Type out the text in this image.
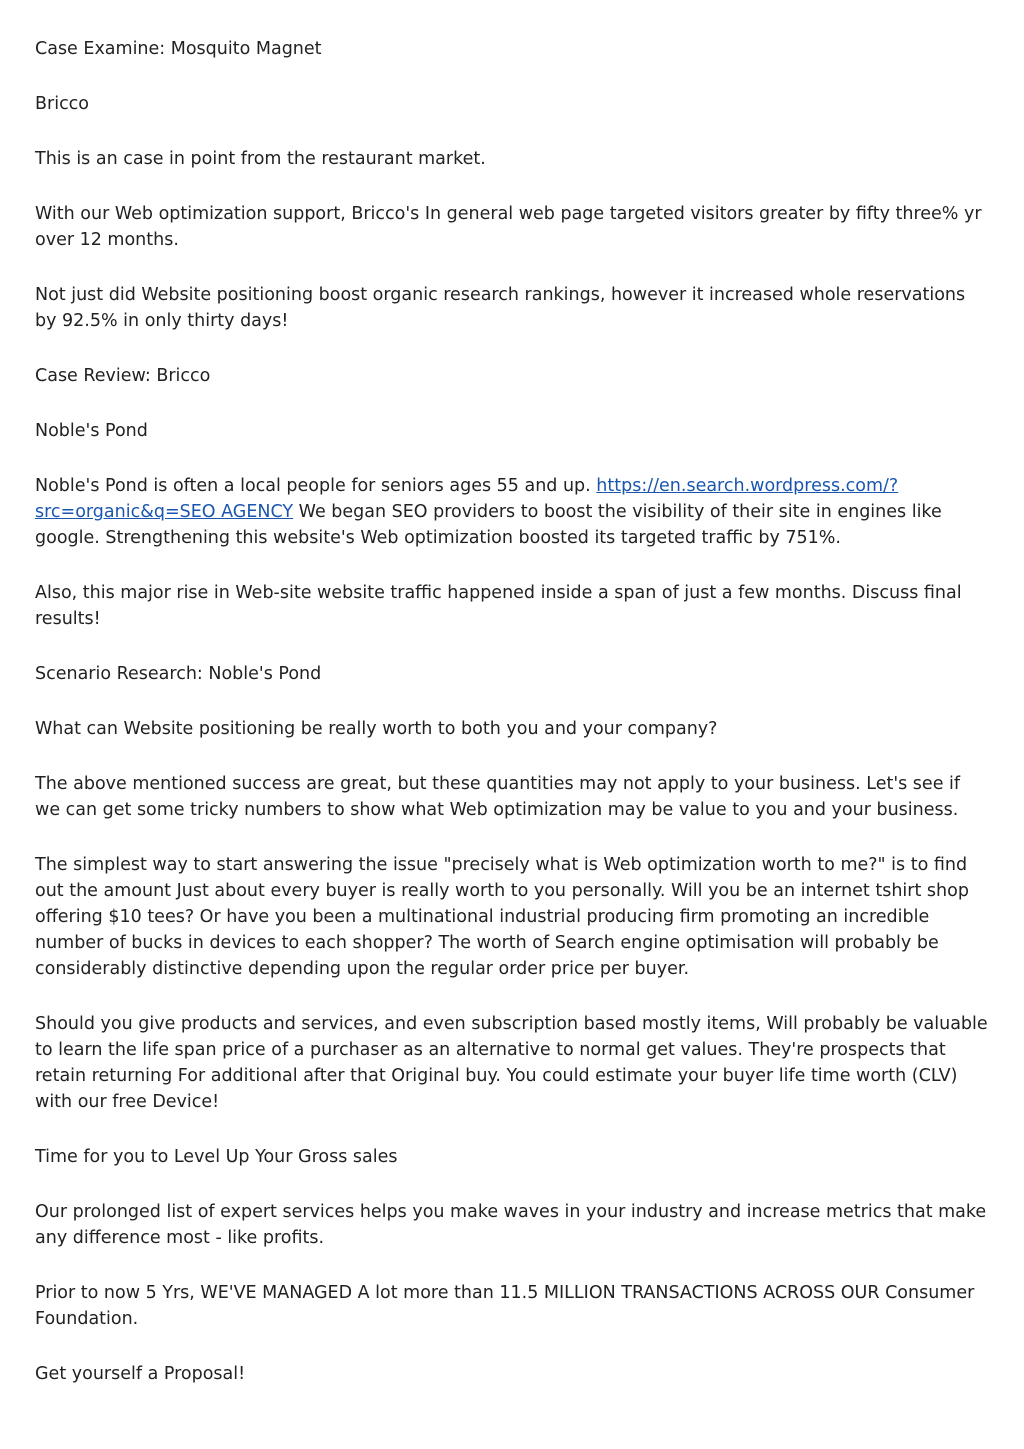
Case Examine: Mosquito Magnet

Bricco

This is an case in point from the restaurant market.

With our Web optimization support, Bricco's In general web page targeted visitors greater by fifty three% yr over 12 months.

Not just did Website positioning boost organic research rankings, however it increased whole reservations by 92.5% in only thirty days!

Case Review: Bricco

Noble's Pond

Noble's Pond is often a local people for seniors ages 55 and up. https://en.search.wordpress.com/?src=organic&q=SEO AGENCY We began SEO providers to boost the visibility of their site in engines like google. Strengthening this website's Web optimization boosted its targeted traffic by 751%.

Also, this major rise in Web-site website traffic happened inside a span of just a few months. Discuss final results!

Scenario Research: Noble's Pond

What can Website positioning be really worth to both you and your company?

The above mentioned success are great, but these quantities may not apply to your business. Let's see if we can get some tricky numbers to show what Web optimization may be value to you and your business.

The simplest way to start answering the issue "precisely what is Web optimization worth to me?" is to find out the amount Just about every buyer is really worth to you personally. Will you be an internet tshirt shop offering $10 tees? Or have you been a multinational industrial producing firm promoting an incredible number of bucks in devices to each shopper? The worth of Search engine optimisation will probably be considerably distinctive depending upon the regular order price per buyer.

Should you give products and services, and even subscription based mostly items, Will probably be valuable to learn the life span price of a purchaser as an alternative to normal get values. They're prospects that retain returning For additional after that Original buy. You could estimate your buyer life time worth (CLV) with our free Device!

Time for you to Level Up Your Gross sales

Our prolonged list of expert services helps you make waves in your industry and increase metrics that make any difference most - like profits.

Prior to now 5 Yrs, WE'VE MANAGED A lot more than 11.5 MILLION TRANSACTIONS ACROSS OUR Consumer Foundation.

Get yourself a Proposal!
